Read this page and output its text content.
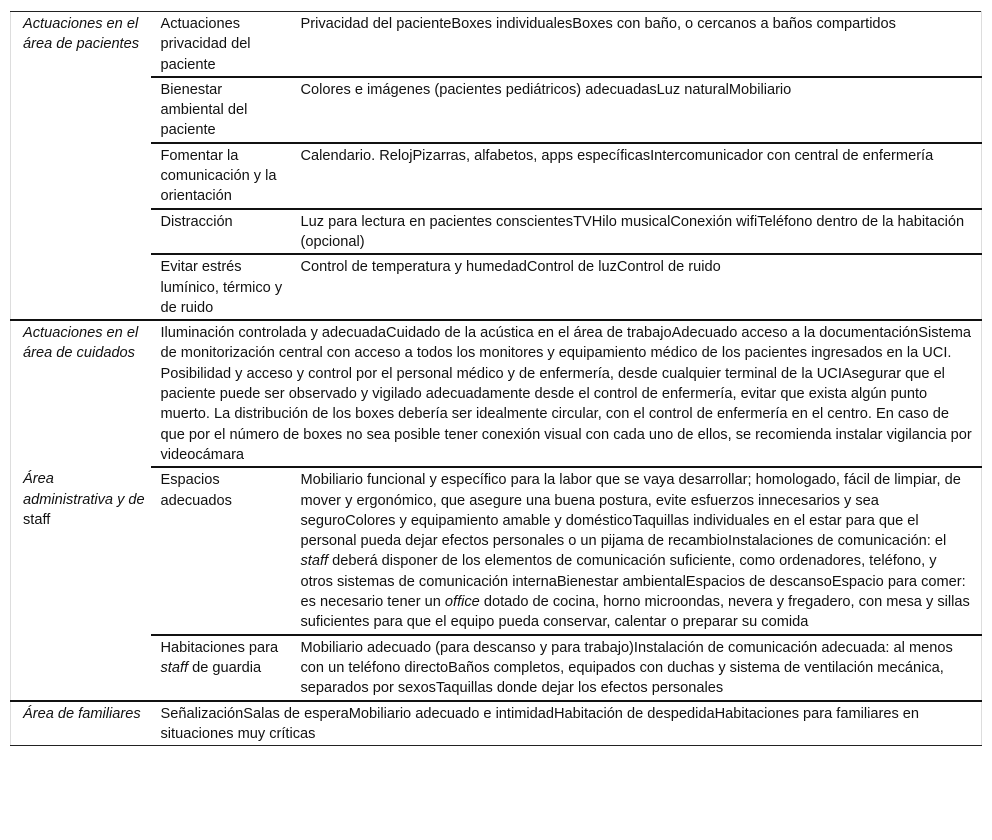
Actuaciones en el área de pacientes	Actuaciones privacidad del paciente	Privacidad del pacienteBoxes individualesBoxes con baño, o cercanos a baños compartidos
	Bienestar ambiental del paciente	Colores e imágenes (pacientes pediátricos) adecuadasLuz naturalMobiliario
	Fomentar la comunicación y la orientación	Calendario. RelojPizarras, alfabetos, apps específicasIntercomunicador con central de enfermería
	Distracción	Luz para lectura en pacientes conscientesTVHilo musicalConexión wifiTeléfono dentro de la habitación (opcional)
	Evitar estrés lumínico, térmico y de ruido	Control de temperatura y humedadControl de luzControl de ruido
Actuaciones en el área de cuidados	Iluminación controlada y adecuadaCuidado de la acústica en el área de trabajoAdecuado acceso a la documentaciónSistema de monitorización central con acceso a todos los monitores y equipamiento médico de los pacientes ingresados en la UCI. Posibilidad y acceso y control por el personal médico y de enfermería, desde cualquier terminal de la UCIAsegurar que el paciente puede ser observado y vigilado adecuadamente desde el control de enfermería, evitar que exista algún punto muerto. La distribución de los boxes debería ser idealmente circular, con el control de enfermería en el centro. En caso de que por el número de boxes no sea posible tener conexión visual con cada uno de ellos, se recomienda instalar vigilancia por videocámara	
Área administrativa y de staff	Espacios adecuados	Mobiliario funcional y específico para la labor que se vaya desarrollar; homologado, fácil de limpiar, de mover y ergonómico, que asegure una buena postura, evite esfuerzos innecesarios y sea seguroColores y equipamiento amable y domésticoTaquillas individuales en el estar para que el personal pueda dejar efectos personales o un pijama de recambioInstalaciones de comunicación: el staff deberá disponer de los elementos de comunicación suficiente, como ordenadores, teléfono, y otros sistemas de comunicación internaBienestar ambientalEspacios de descansoEspacio para comer: es necesario tener un office dotado de cocina, horno microondas, nevera y fregadero, con mesa y sillas suficientes para que el equipo pueda conservar, calentar o preparar su comida
	Habitaciones para staff de guardia	Mobiliario adecuado (para descanso y para trabajo)Instalación de comunicación adecuada: al menos con un teléfono directoBaños completos, equipados con duchas y sistema de ventilación mecánica, separados por sexosTaquillas donde dejar los efectos personales
Área de familiares	SeñalizaciónSalas de esperaMobiliario adecuado e intimidadHabitación de despedidaHabitaciones para familiares en situaciones muy críticas	
